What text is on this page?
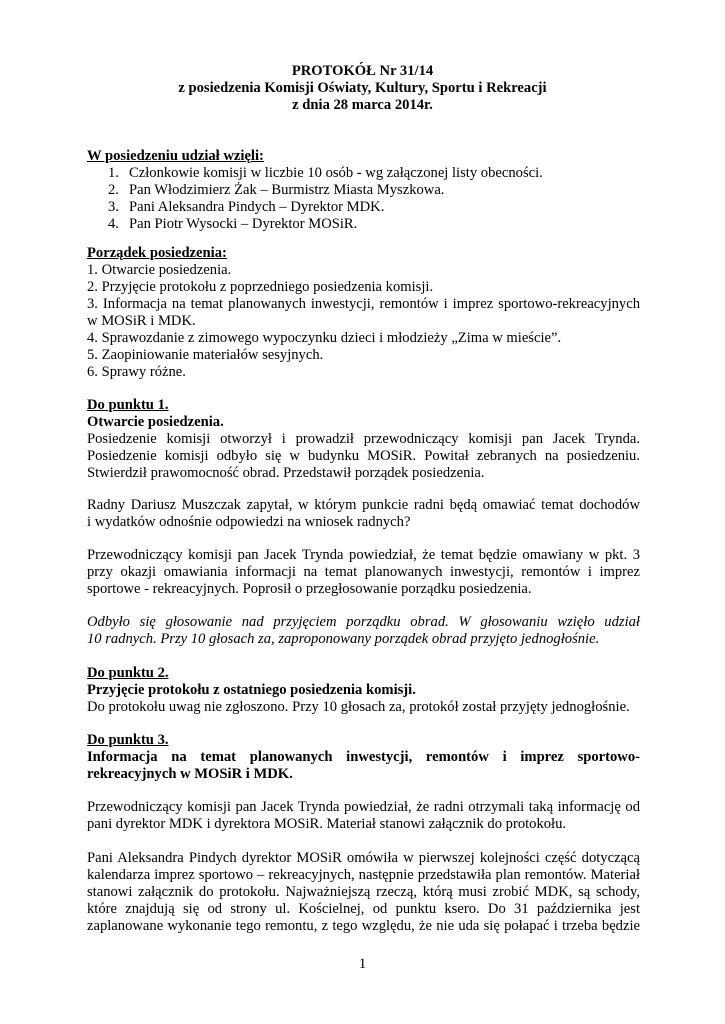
PROTOKÓŁ Nr 31/14
z posiedzenia Komisji Oświaty, Kultury, Sportu i Rekreacji
z dnia 28 marca 2014r.
W posiedzeniu udział wzięli:
1. Członkowie komisji w liczbie 10 osób - wg załączonej listy obecności.
2. Pan Włodzimierz Żak – Burmistrz Miasta Myszkowa.
3. Pani Aleksandra Pindych – Dyrektor MDK.
4. Pan Piotr Wysocki – Dyrektor MOSiR.
Porządek posiedzenia:
1. Otwarcie posiedzenia.
2. Przyjęcie protokołu z poprzedniego posiedzenia komisji.
3. Informacja na temat planowanych inwestycji, remontów i imprez sportowo-rekreacyjnych
w MOSiR i MDK.
4. Sprawozdanie z zimowego wypoczynku dzieci i młodzieży „Zima w mieście”.
5. Zaopiniowanie materiałów sesyjnych.
6. Sprawy różne.
Do punktu 1.
Otwarcie posiedzenia.
Posiedzenie komisji otworzył i prowadził przewodniczący komisji pan Jacek Trynda.
Posiedzenie komisji odbyło się w budynku MOSiR. Powitał zebranych na posiedzeniu.
Stwierdził prawomocność obrad. Przedstawił porządek posiedzenia.
Radny Dariusz Muszczak zapytał, w którym punkcie radni będą omawiać temat dochodów
i wydatków odnośnie odpowiedzi na wniosek radnych?
Przewodniczący komisji pan Jacek Trynda powiedział, że temat będzie omawiany w pkt. 3
przy okazji omawiania informacji na temat planowanych inwestycji, remontów i imprez
sportowe - rekreacyjnych. Poprosił o przegłosowanie porządku posiedzenia.
Odbyło się głosowanie nad przyjęciem porządku obrad. W głosowaniu wzięło udział
10 radnych. Przy 10 głosach za, zaproponowany porządek obrad przyjęto jednogłośnie.
Do punktu 2.
Przyjęcie protokołu z ostatniego posiedzenia komisji.
Do protokołu uwag nie zgłoszono. Przy 10 głosach za, protokół został przyjęty jednogłośnie.
Do punktu 3.
Informacja na temat planowanych inwestycji, remontów i imprez sportowo-
rekreacyjnych w MOSiR i MDK.
Przewodniczący komisji pan Jacek Trynda powiedział, że radni otrzymali taką informację od
pani dyrektor MDK i dyrektora MOSiR. Materiał stanowi załącznik do protokołu.
Pani Aleksandra Pindych dyrektor MOSiR omówiła w pierwszej kolejności część dotyczącą
kalendarza imprez sportowo – rekreacyjnych, następnie przedstawiła plan remontów. Materiał
stanowi załącznik do protokołu. Najważniejszą rzeczą, którą musi zrobić MDK, są schody,
które znajdują się od strony ul. Kościelnej, od punktu ksero. Do 31 października jest
zaplanowane wykonanie tego remontu, z tego względu, że nie uda się połapać i trzeba będzie
1
